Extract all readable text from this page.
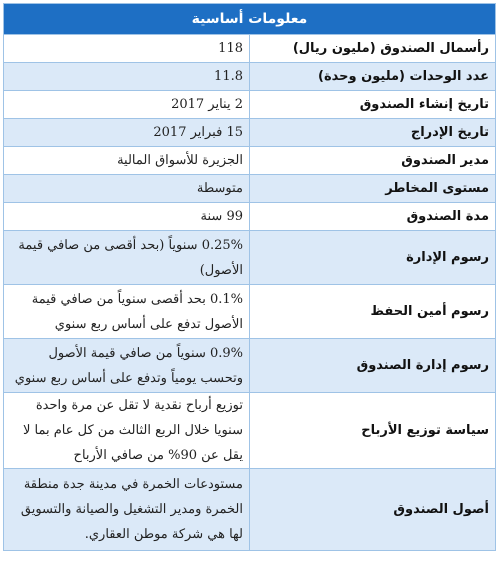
معلومات أساسية	
رأسمال الصندوق (مليون ريال)	118
عدد الوحدات (مليون وحدة)	11.8
تاريخ إنشاء الصندوق	2 يناير 2017
تاريخ الإدراج	15 فبراير 2017
مدير الصندوق	الجزيرة للأسواق المالية
مستوى المخاطر	متوسطة
مدة الصندوق	99 سنة
رسوم الإدارة	0.25% سنوياً (بحد أقصى من صافي قيمة الأصول)
رسوم أمين الحفظ	0.1% بحد أقصى سنوياً من صافي قيمة الأصول تدفع على أساس ربع سنوي
رسوم إدارة الصندوق	0.9% سنوياً من صافي قيمة الأصول وتحسب يومياً وتدفع على أساس ربع سنوي
سياسة توزيع الأرباح	توزيع أرباح نقدية لا تقل عن مرة واحدة سنويا خلال الربع الثالث من كل عام بما لا يقل عن 90% من صافي الأرباح
أصول الصندوق	مستودعات الخمرة في مدينة جدة منطقة الخمرة ومدير التشغيل والصيانة والتسويق لها هي شركة موطن العقاري.
